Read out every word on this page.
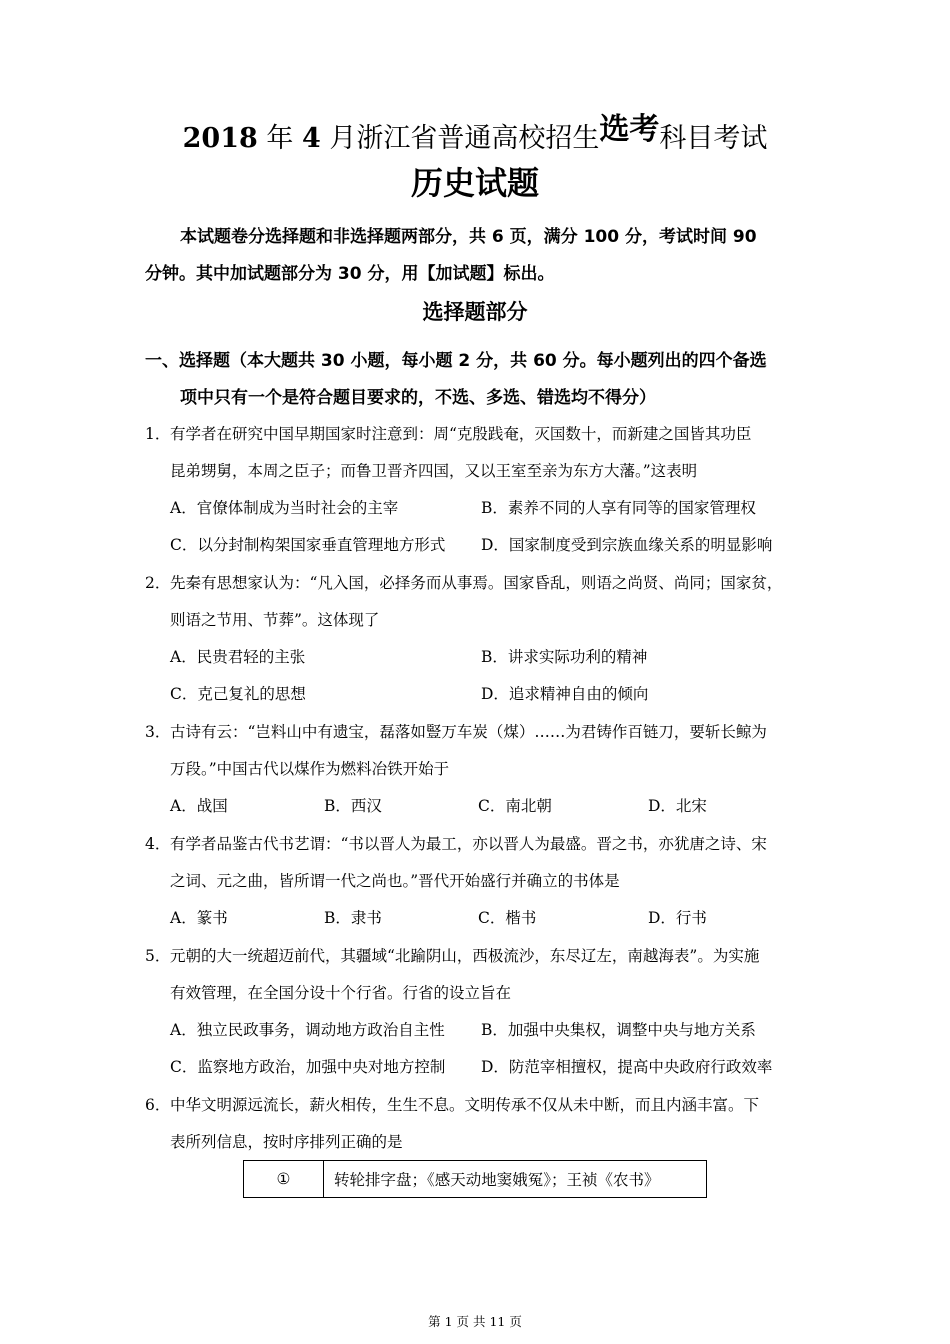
2018 年 4 月浙江省普通高校招生选考科目考试
历史试题
本试题卷分选择题和非选择题两部分，共 6 页，满分 100 分，考试时间 90
分钟。其中加试题部分为 30 分，用【加试题】标出。
选择题部分
一、选择题（本大题共 30 小题，每小题 2 分，共 60 分。每小题列出的四个备选
项中只有一个是符合题目要求的，不选、多选、错选均不得分）
1． 有学者在研究中国早期国家时注意到：周“克殷践奄，灭国数十，而新建之国皆其功臣
昆弟甥舅，本周之臣子；而鲁卫晋齐四国，又以王室至亲为东方大藩。”这表明
A．官僚体制成为当时社会的主宰	B．素养不同的人享有同等的国家管理权
C．以分封制构架国家垂直管理地方形式 D．国家制度受到宗族血缘关系的明显影响
2． 先秦有思想家认为：“凡入国，必择务而从事焉。国家昏乱，则语之尚贤、尚同；国家贫，
则语之节用、节葬”。这体现了
A．民贵君轻的主张	B．讲求实际功利的精神
C．克己复礼的思想	D．追求精神自由的倾向
3． 古诗有云：“岂料山中有遗宝，磊落如豎万车炭（煤）……为君铸作百链刀，要斩长鲸为
万段。”中国古代以煤作为燃料冶铁开始于
A．战国	B．西汉	C．南北朝	D．北宋
4． 有学者品鉴古代书艺谓：“书以晋人为最工，亦以晋人为最盛。晋之书，亦犹唐之诗、宋
之词、元之曲，皆所谓一代之尚也。”晋代开始盛行并确立的书体是
A．篆书	B．隶书	C．楷书	D．行书
5． 元朝的大一统超迈前代，其疆域“北踰阴山，西极流沙，东尽辽左，南越海表”。为实施
有效管理，在全国分设十个行省。行省的设立旨在
A．独立民政事务，调动地方政治自主性 B．加强中央集权，调整中央与地方关系
C．监察地方政治，加强中央对地方控制 D．防范宰相擅权，提高中央政府行政效率
6． 中华文明源远流长，薪火相传，生生不息。文明传承不仅从未中断，而且内涵丰富。下
表所列信息，按时序排列正确的是
①	转轮排字盘；《感天动地窦娥冤》；王祯《农书》
第 1 页 共 11 页
